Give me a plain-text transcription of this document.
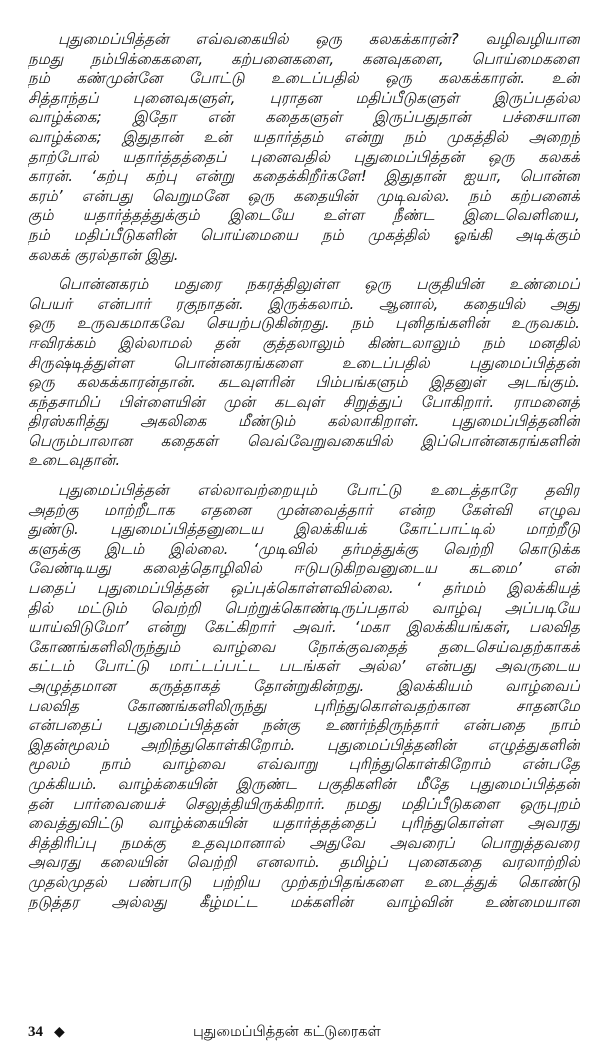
புதுமைப்பித்தன் எவ்வகையில் ஒரு கலகக்காரன்? வழிவழியான
நமது நம்பிக்கைகளை, கற்பனைகளை, கனவுகளை, பொய்மைகளை
நம் கண்முன்னே போட்டு உடைப்பதில் ஒரு கலகக்காரன். உன்
சித்தாந்தப் புனைவுகளுள், புராதன மதிப்பீடுகளுள் இருப்பதல்ல
வாழ்க்கை; இதோ என் கதைகளுள் இருப்பதுதான் பச்சையான
வாழ்க்கை; இதுதான் உன் யதார்த்தம் என்று நம் முகத்தில் அறைந்
தாற்போல் யதார்த்தத்தைப் புனைவதில் புதுமைப்பித்தன் ஒரு கலகக்
காரன். ‘கற்பு கற்பு என்று கதைக்கிறீர்களே! இதுதான் ஐயா, பொன்ன
கரம்’ என்பது வெறுமனே ஒரு கதையின் முடிவல்ல. நம் கற்பனைக்
கும் யதார்த்தத்துக்கும் இடையே உள்ள நீண்ட இடைவெளியை,
நம் மதிப்பீடுகளின் பொய்மையை நம் முகத்தில் ஓங்கி அடிக்கும்
கலகக் குரல்தான் இது.

பொன்னகரம் மதுரை நகரத்திலுள்ள ஒரு பகுதியின் உண்மைப்
பெயர் என்பார் ரகுநாதன். இருக்கலாம். ஆனால், கதையில் அது
ஒரு உருவகமாகவே செயற்படுகின்றது. நம் புனிதங்களின் உருவகம்.
ஈவிரக்கம் இல்லாமல் தன் குத்தலாலும் கிண்டலாலும் நம் மனதில்
சிருஷ்டித்துள்ள பொன்னகரங்களை உடைப்பதில் புதுமைப்பித்தன்
ஒரு கலகக்காரன்தான். கடவுளரின் பிம்பங்களும் இதனுள் அடங்கும்.
கந்தசாமிப் பிள்ளையின் முன் கடவுள் சிறுத்துப் போகிறார். ராமனைத்
திரஸ்கரித்து அகலிகை மீண்டும் கல்லாகிறாள். புதுமைப்பித்தனின்
பெரும்பாலான கதைகள் வெவ்வேறுவகையில் இப்பொன்னகரங்களின்
உடைவுதான்.

புதுமைப்பித்தன் எல்லாவற்றையும் போட்டு உடைத்தாரே தவிர
அதற்கு மாற்றீடாக எதனை முன்வைத்தார் என்ற கேள்வி எழுவ
துண்டு. புதுமைப்பித்தனுடைய இலக்கியக் கோட்பாட்டில் மாற்றீடு
களுக்கு இடம் இல்லை. ‘முடிவில் தர்மத்துக்கு வெற்றி கொடுக்க
வேண்டியது கலைத்தொழிலில் ஈடுபடுகிறவனுடைய கடமை’ என்
பதைப் புதுமைப்பித்தன் ஒப்புக்கொள்ளவில்லை. ‘ தர்மம் இலக்கியத்
தில் மட்டும் வெற்றி பெற்றுக்கொண்டிருப்பதால் வாழ்வு அப்படியே
யாய்விடுமோ’ என்று கேட்கிறார் அவர். ‘மகா இலக்கியங்கள், பலவித
கோணங்களிலிருந்தும் வாழ்வை நோக்குவதைத் தடைசெய்வதற்காகக்
கட்டம் போட்டு மாட்டப்பட்ட படங்கள் அல்ல’ என்பது அவருடைய
அழுத்தமான கருத்தாகத் தோன்றுகின்றது. இலக்கியம் வாழ்வைப்
பலவித கோணங்களிலிருந்து புரிந்துகொள்வதற்கான சாதனமே
என்பதைப் புதுமைப்பித்தன் நன்கு உணர்ந்திருந்தார் என்பதை நாம்
இதன்மூலம் அறிந்துகொள்கிறோம். புதுமைப்பித்தனின் எழுத்துகளின்
மூலம் நாம் வாழ்வை எவ்வாறு புரிந்துகொள்கிறோம் என்பதே
முக்கியம். வாழ்க்கையின் இருண்ட பகுதிகளின் மீதே புதுமைப்பித்தன்
தன் பார்வையைச் செலுத்தியிருக்கிறார். நமது மதிப்பீடுகளை ஒருபுறம்
வைத்துவிட்டு வாழ்க்கையின் யதார்த்தத்தைப் புரிந்துகொள்ள அவரது
சித்திரிப்பு நமக்கு உதவுமானால் அதுவே அவரைப் பொறுத்தவரை
அவரது கலையின் வெற்றி எனலாம். தமிழ்ப் புனைகதை வரலாற்றில்
முதல்முதல் பண்பாடு பற்றிய முற்கற்பிதங்களை உடைத்துக் கொண்டு
நடுத்தர அல்லது கீழ்மட்ட மக்களின் வாழ்வின் உண்மையான

34 ◆	புதுமைப்பித்தன் கட்டுரைகள்
